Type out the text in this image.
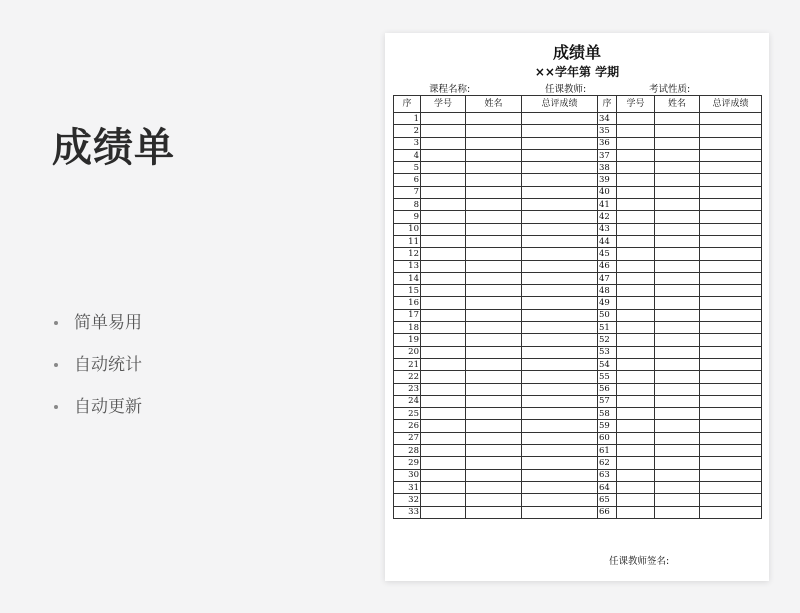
成绩单
简单易用
自动统计
自动更新
成绩单
××学年第 学期
课程名称:	任课教师:	考试性质:
序	学号	姓名	总评成绩	序	学号	姓名	总评成绩
1				34			
2				35			
3				36			
4				37			
5				38			
6				39			
7				40			
8				41			
9				42			
10				43			
11				44			
12				45			
13				46			
14				47			
15				48			
16				49			
17				50			
18				51			
19				52			
20				53			
21				54			
22				55			
23				56			
24				57			
25				58			
26				59			
27				60			
28				61			
29				62			
30				63			
31				64			
32				65			
33				66			
任课教师签名:
